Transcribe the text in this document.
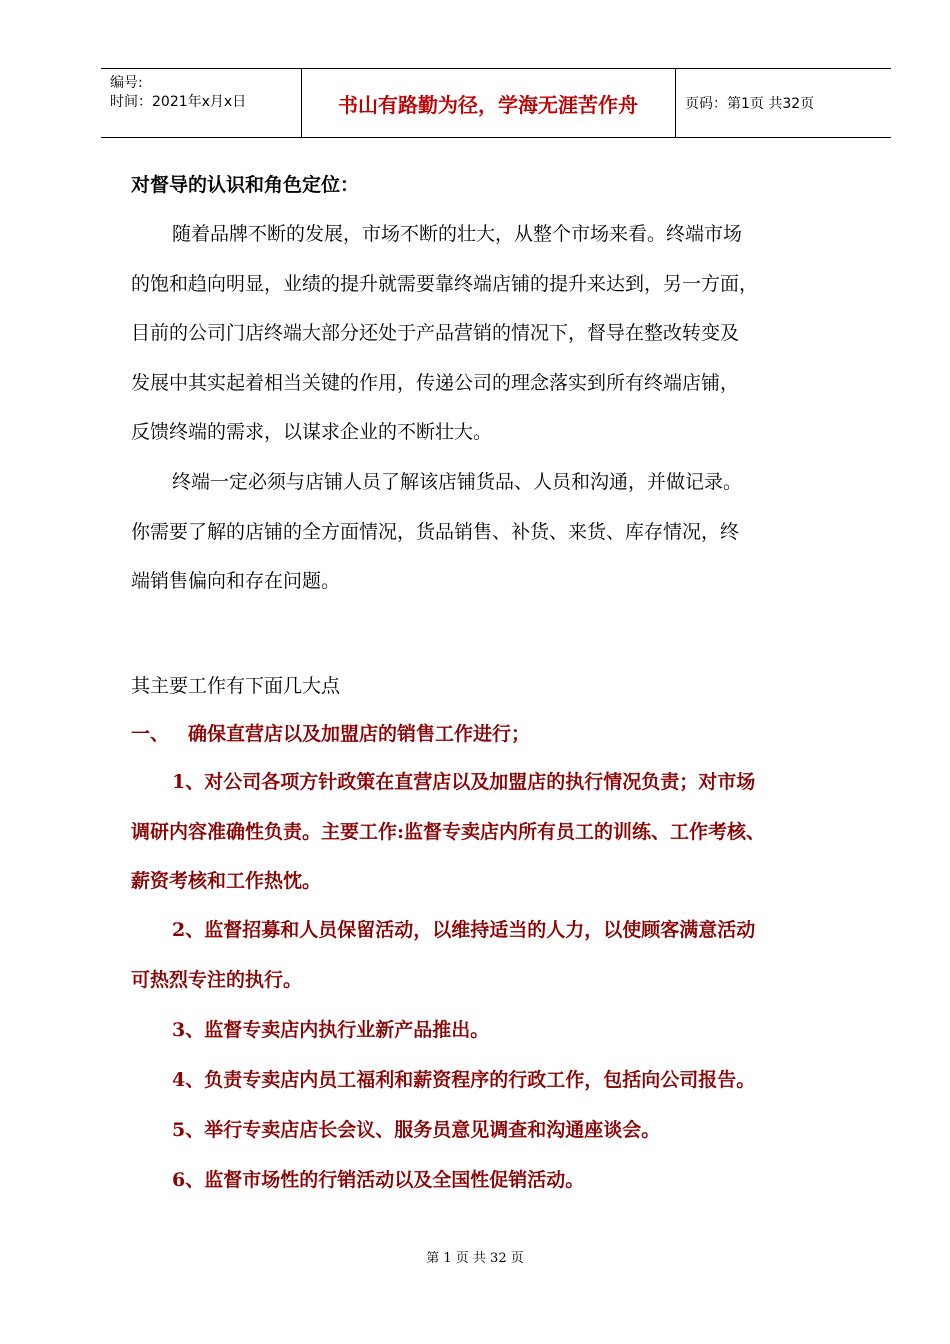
编号:
时间：2021年x月x日	书山有路勤为径，学海无涯苦作舟	页码：第1页 共32页
对督导的认识和角色定位：
随着品牌不断的发展，市场不断的壮大，从整个市场来看。终端市场
的饱和趋向明显，业绩的提升就需要靠终端店铺的提升来达到，另一方面，
目前的公司门店终端大部分还处于产品营销的情况下，督导在整改转变及
发展中其实起着相当关键的作用，传递公司的理念落实到所有终端店铺，
反馈终端的需求，以谋求企业的不断壮大。
终端一定必须与店铺人员了解该店铺货品、人员和沟通，并做记录。
你需要了解的店铺的全方面情况，货品销售、补货、来货、库存情况，终
端销售偏向和存在问题。
其主要工作有下面几大点
一、 确保直营店以及加盟店的销售工作进行；
1、对公司各项方针政策在直营店以及加盟店的执行情况负责；对市场
调研内容准确性负责。主要工作:监督专卖店内所有员工的训练、工作考核、
薪资考核和工作热忱。
2、监督招募和人员保留活动，以维持适当的人力，以使顾客满意活动
可热烈专注的执行。
3、监督专卖店内执行业新产品推出。
4、负责专卖店内员工福利和薪资程序的行政工作，包括向公司报告。
5、举行专卖店店长会议、服务员意见调查和沟通座谈会。
6、监督市场性的行销活动以及全国性促销活动。
第 1 页 共 32 页
